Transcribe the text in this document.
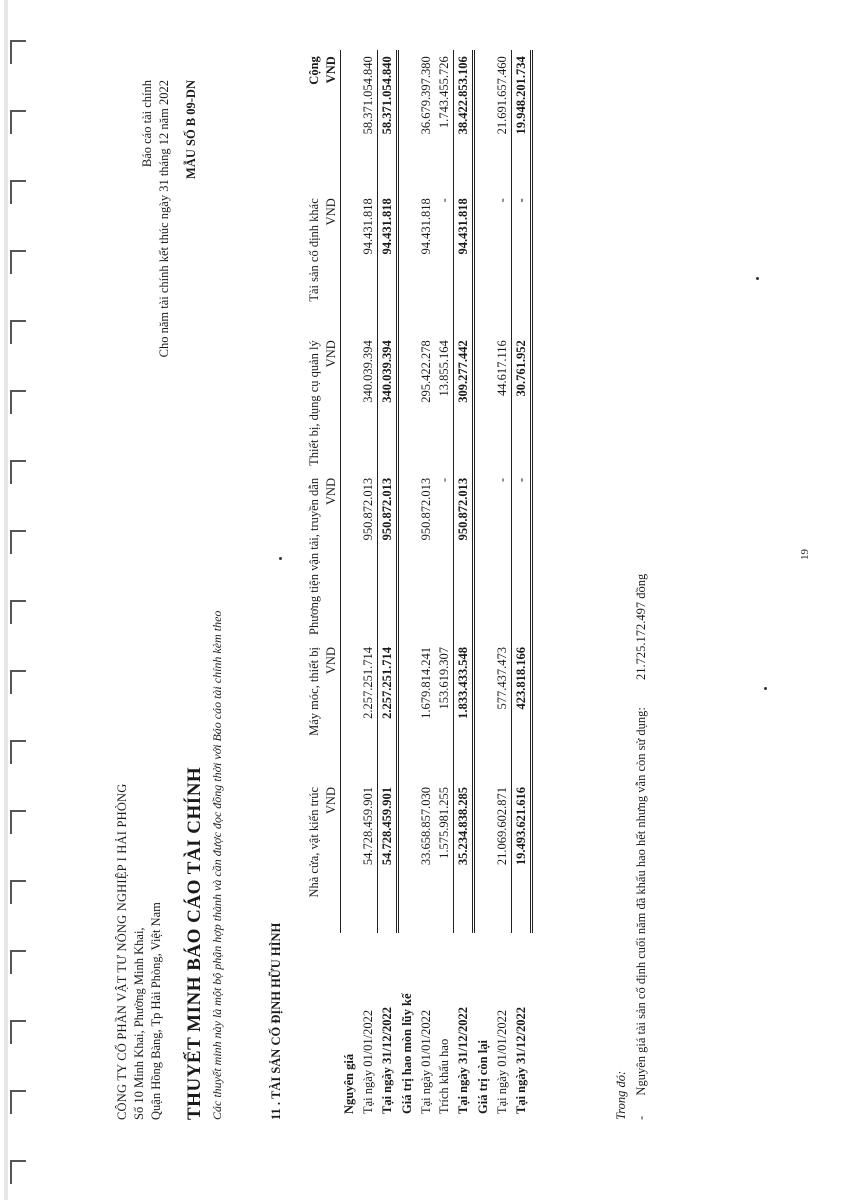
CÔNG TY CỔ PHẦN VẬT TƯ NÔNG NGHIỆP I HẢI PHÒNG Số 10 Minh Khai, Phường Minh Khai, Quận Hồng Bàng, Tp Hải Phòng, Việt Nam
Báo cáo tài chính Cho năm tài chính kết thúc ngày 31 tháng 12 năm 2022 MẪU SỐ B 09-DN
THUYẾT MINH BÁO CÁO TÀI CHÍNH Các thuyết minh này là một bộ phận hợp thành và cần được đọc đồng thời với Báo cáo tài chính kèm theo	11 . TÀI SẢN CỐ ĐỊNH HỮU HÌNH
	Nhà cửa, vật kiến trúc	Máy móc, thiết bị	Phương tiện vận tải, truyền dẫn	Thiết bị, dụng cụ quản lý	Tài sản cố định khác	Cộng
	VND	VND	VND	VND	VND	VND
Nguyên giá						
Tại ngày 01/01/2022	54.728.459.901	2.257.251.714	950.872.013	340.039.394	94.431.818	58.371.054.840
Tại ngày 31/12/2022	54.728.459.901	2.257.251.714	950.872.013	340.039.394	94.431.818	58.371.054.840
Giá trị hao mòn lũy kế						
Tại ngày 01/01/2022	33.658.857.030	1.679.814.241	950.872.013	295.422.278	94.431.818	36.679.397.380
Trích khấu hao	1.575.981.255	153.619.307	-	13.855.164	-	1.743.455.726
Tại ngày 31/12/2022	35.234.838.285	1.833.433.548	950.872.013	309.277.442	94.431.818	38.422.853.106
Giá trị còn lại						
Tại ngày 01/01/2022	21.069.602.871	577.437.473	-	44.617.116	-	21.691.657.460
Tại ngày 31/12/2022	19.493.621.616	423.818.166	-	30.761.952	-	19.948.201.734
Trong đó: -  Nguyên giá tài sản cố định cuối năm đã khấu hao hết nhưng vẫn còn sử dụng:
21.725.172.497 đồng
19
